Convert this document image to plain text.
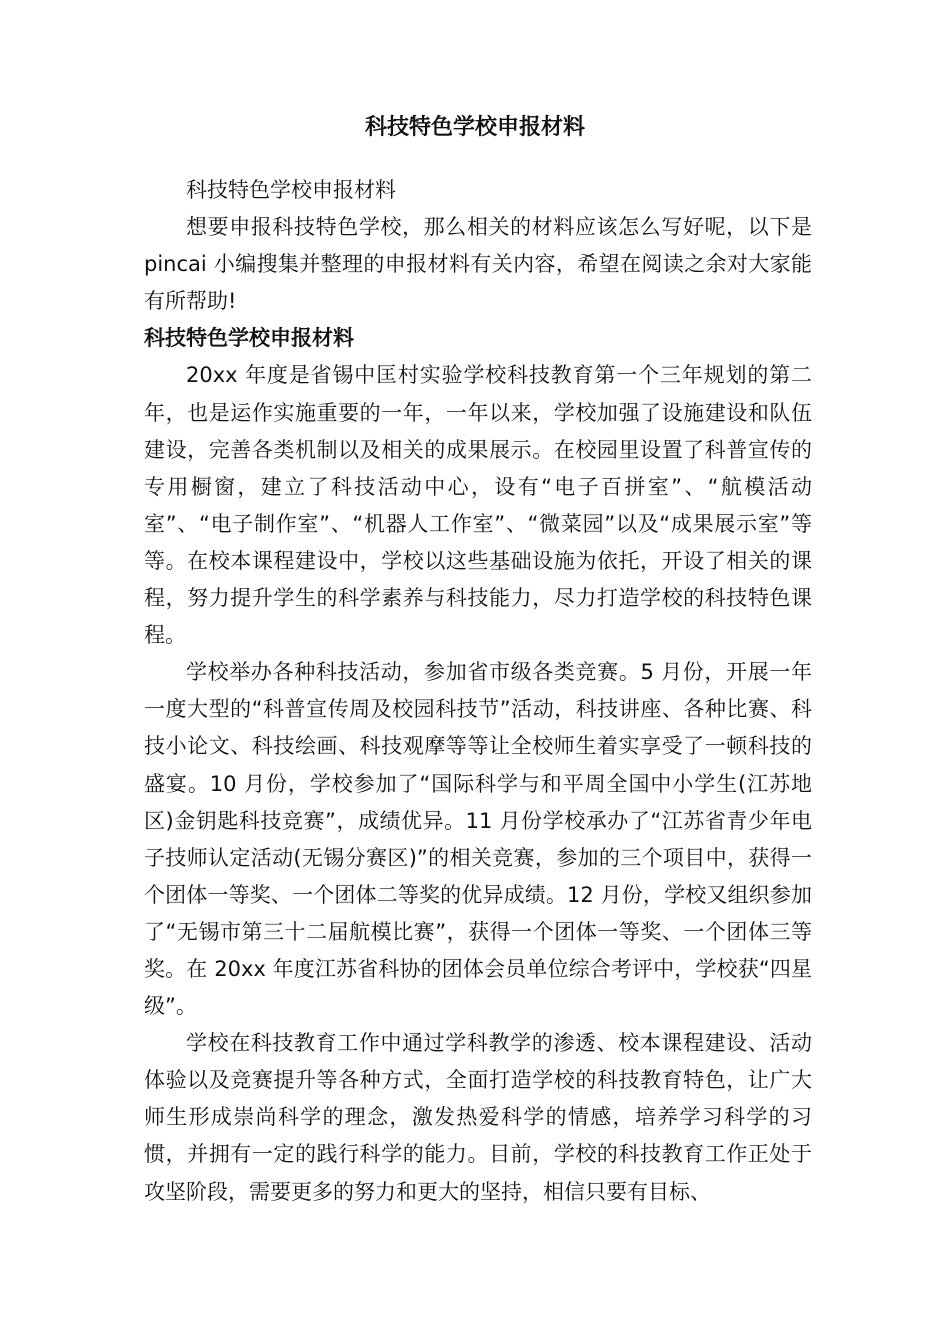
科技特色学校申报材料

科技特色学校申报材料

想要申报科技特色学校，那么相关的材料应该怎么写好呢，以下是 pincai 小编搜集并整理的申报材料有关内容，希望在阅读之余对大家能有所帮助!

科技特色学校申报材料

20xx 年度是省锡中匡村实验学校科技教育第一个三年规划的第二年，也是运作实施重要的一年，一年以来，学校加强了设施建设和队伍建设，完善各类机制以及相关的成果展示。在校园里设置了科普宣传的专用橱窗，建立了科技活动中心，设有“电子百拼室”、“航模活动室”、“电子制作室”、“机器人工作室”、“微菜园”以及“成果展示室”等等。在校本课程建设中，学校以这些基础设施为依托，开设了相关的课程，努力提升学生的科学素养与科技能力，尽力打造学校的科技特色课程。

学校举办各种科技活动，参加省市级各类竞赛。5 月份，开展一年一度大型的“科普宣传周及校园科技节”活动，科技讲座、各种比赛、科技小论文、科技绘画、科技观摩等等让全校师生着实享受了一顿科技的盛宴。10 月份，学校参加了“国际科学与和平周全国中小学生(江苏地区)金钥匙科技竞赛”，成绩优异。11 月份学校承办了“江苏省青少年电子技师认定活动(无锡分赛区)”的相关竞赛，参加的三个项目中，获得一个团体一等奖、一个团体二等奖的优异成绩。12 月份，学校又组织参加了“无锡市第三十二届航模比赛”，获得一个团体一等奖、一个团体三等奖。在 20xx 年度江苏省科协的团体会员单位综合考评中，学校获“四星级”。

学校在科技教育工作中通过学科教学的渗透、校本课程建设、活动体验以及竞赛提升等各种方式，全面打造学校的科技教育特色，让广大师生形成崇尚科学的理念，激发热爱科学的情感，培养学习科学的习惯，并拥有一定的践行科学的能力。目前，学校的科技教育工作正处于攻坚阶段，需要更多的努力和更大的坚持，相信只要有目标、
